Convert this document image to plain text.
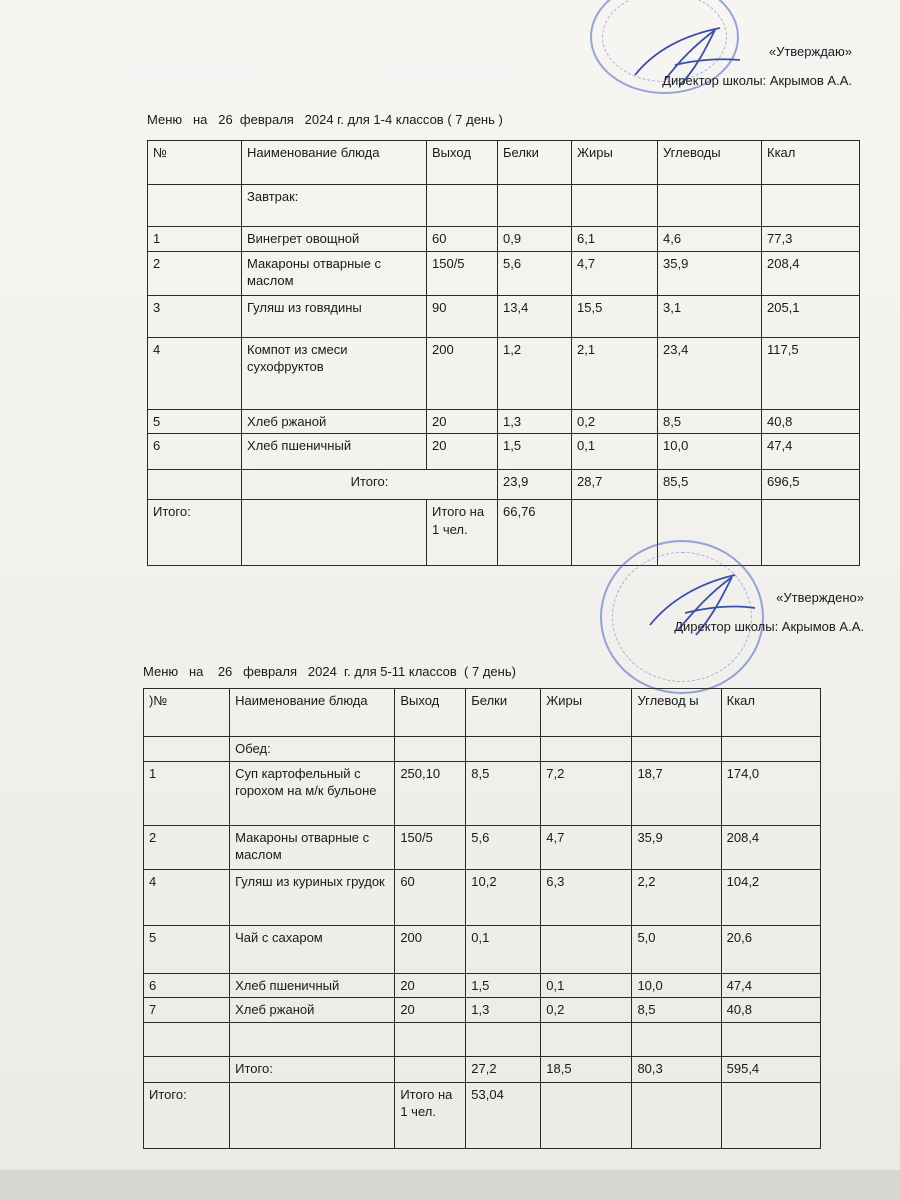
«Утверждаю»
Директор школы: Акрымов А.А.
Меню   на   26  февраля   2024 г. для 1-4 классов ( 7 день )
№	Наименование блюда	Выход	Белки	Жиры	Углеводы	Ккал
	Завтрак:					
1	Винегрет овощной	60	0,9	6,1	4,6	77,3
2	Макароны отварные с маслом	150/5	5,6	4,7	35,9	208,4
3	Гуляш из говядины	90	13,4	15,5	3,1	205,1
4	Компот из смеси сухофруктов	200	1,2	2,1	23,4	117,5
5	Хлеб ржаной	20	1,3	0,2	8,5	40,8
6	Хлеб пшеничный	20	1,5	0,1	10,0	47,4
	Итого:		23,9	28,7	85,5	696,5
Итого:		Итого на 1 чел.	66,76			
«Утверждено»
Директор школы: Акрымов А.А.
Меню   на    26   февраля   2024  г. для 5-11 классов  ( 7 день)
)№	Наименование блюда	Выход	Белки	Жиры	Углевод ы	Ккал
	Обед:					
1	Суп картофельный с горохом на м/к бульоне	250,10	8,5	7,2	18,7	174,0
2	Макароны отварные с маслом	150/5	5,6	4,7	35,9	208,4
4	Гуляш из куриных грудок	60	10,2	6,3	2,2	104,2
5	Чай с сахаром	200	0,1		5,0	20,6
6	Хлеб пшеничный	20	1,5	0,1	10,0	47,4
7	Хлеб ржаной	20	1,3	0,2	8,5	40,8

	Итого:		27,2	18,5	80,3	595,4
Итого:		Итого на 1 чел.	53,04			
